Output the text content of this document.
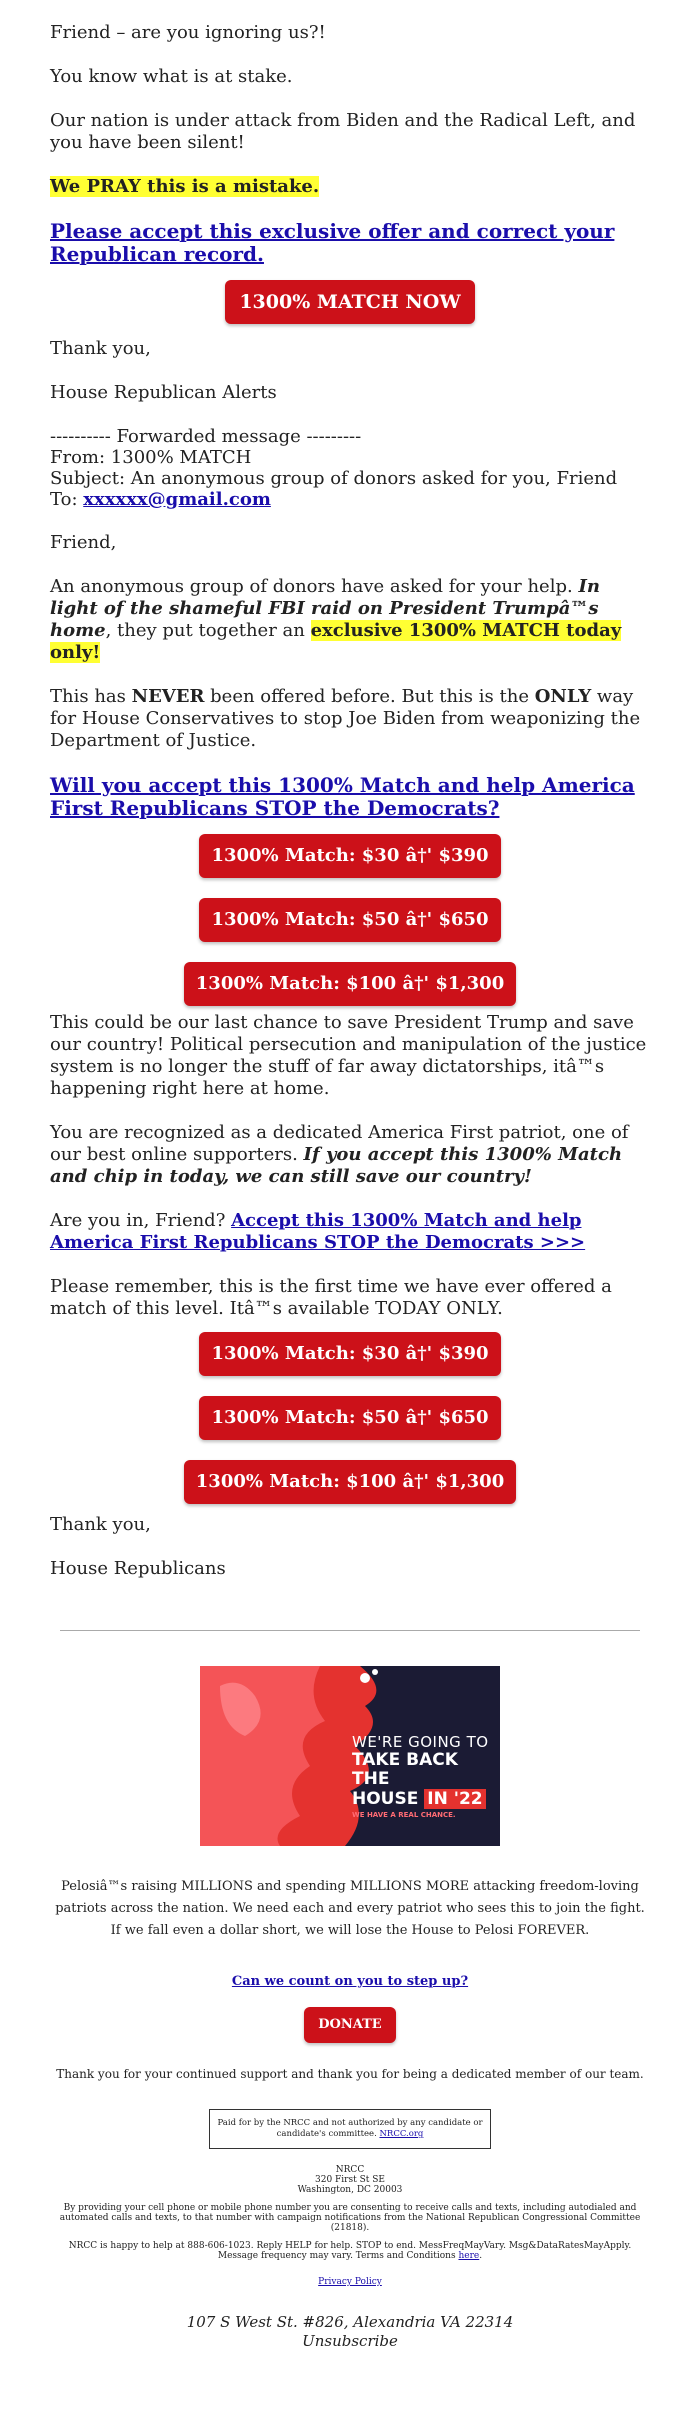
Friend – are you ignoring us?!

You know what is at stake.

Our nation is under attack from Biden and the Radical Left, and you have been silent!

We PRAY this is a mistake.

Please accept this exclusive offer and correct your Republican record.
1300% MATCH NOW

Thank you,

House Republican Alerts

---------- Forwarded message ---------

From: 1300% MATCH

Subject: An anonymous group of donors asked for you, Friend

To: xxxxxx@gmail.com

Friend,

An anonymous group of donors have asked for your help. In light of the shameful FBI raid on President Trumpâ™s home, they put together an exclusive 1300% MATCH today only!

This has NEVER been offered before. But this is the ONLY way for House Conservatives to stop Joe Biden from weaponizing the Department of Justice.

Will you accept this 1300% Match and help America First Republicans STOP the Democrats?
1300% Match: $30 â†' $390
1300% Match: $50 â†' $650
1300% Match: $100 â†' $1,300

This could be our last chance to save President Trump and save our country! Political persecution and manipulation of the justice system is no longer the stuff of far away dictatorships, itâ™s happening right here at home.

You are recognized as a dedicated America First patriot, one of our best online supporters. If you accept this 1300% Match and chip in today, we can still save our country!

Are you in, Friend? Accept this 1300% Match and help America First Republicans STOP the Democrats >>>

Please remember, this is the first time we have ever offered a match of this level. Itâ™s available TODAY ONLY.

1300% Match: $30 â†' $390
1300% Match: $50 â†' $650
1300% Match: $100 â†' $1,300

Thank you,

House Republicans

WE'RE GOING TO
TAKE BACK THE
HOUSE IN '22
WE HAVE A REAL CHANCE.

Pelosiâ™s raising MILLIONS and spending MILLIONS MORE attacking freedom-loving patriots across the nation. We need each and every patriot who sees this to join the fight. If we fall even a dollar short, we will lose the House to Pelosi FOREVER.

Can we count on you to step up?
DONATE

Thank you for your continued support and thank you for being a dedicated member of our team.

Paid for by the NRCC and not authorized by any candidate or candidate's committee. NRCC.org
NRCC
320 First St SE
Washington, DC 20003
By providing your cell phone or mobile phone number you are consenting to receive calls and texts, including autodialed and automated calls and texts, to that number with campaign notifications from the National Republican Congressional Committee (21818).
NRCC is happy to help at 888-606-1023. Reply HELP for help. STOP to end. MessFreqMayVary. Msg&DataRatesMayApply. Message frequency may vary. Terms and Conditions here.
Privacy Policy
107 S West St. #826, Alexandria VA 22314
Unsubscribe
